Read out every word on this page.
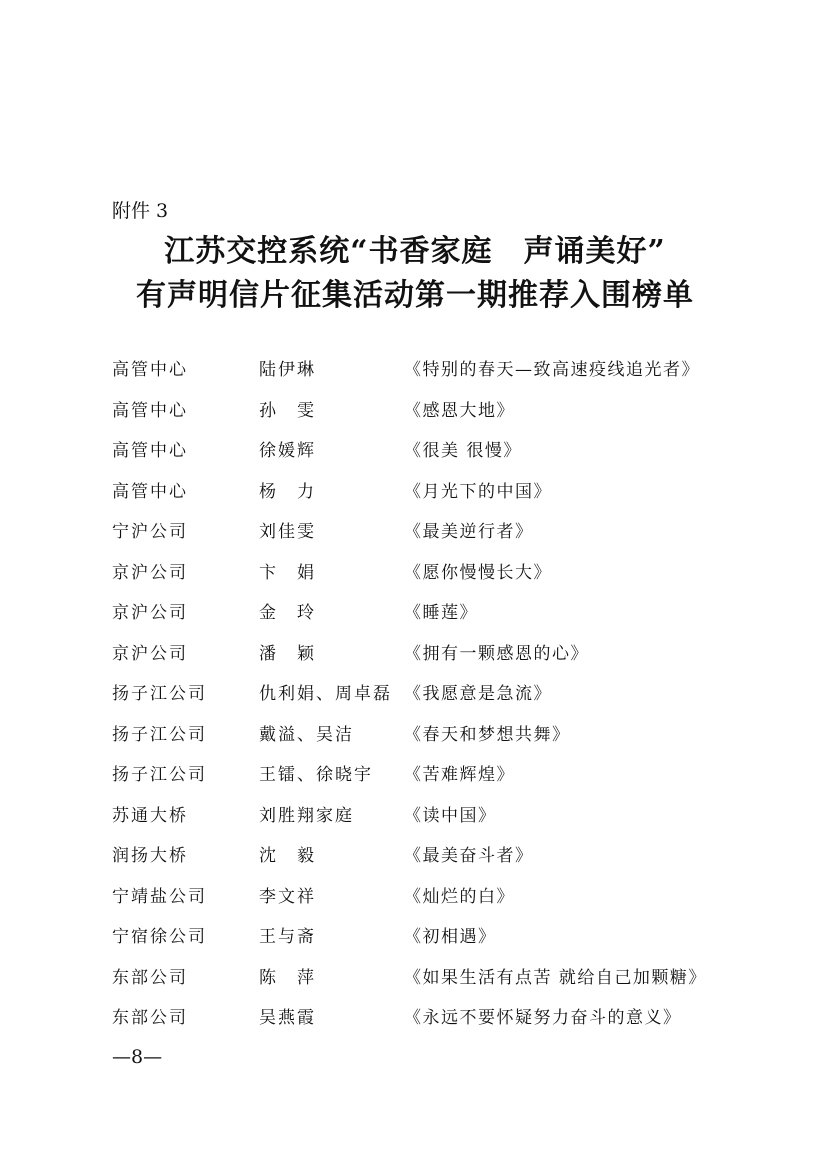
附件 3
江苏交控系统“书香家庭　声诵美好”
有声明信片征集活动第一期推荐入围榜单
高管中心	陆伊琳	《特别的春天—致高速疫线追光者》
高管中心	孙　雯	《感恩大地》
高管中心	徐媛辉	《很美 很慢》
高管中心	杨　力	《月光下的中国》
宁沪公司	刘佳雯	《最美逆行者》
京沪公司	卞　娟	《愿你慢慢长大》
京沪公司	金　玲	《睡莲》
京沪公司	潘　颖	《拥有一颗感恩的心》
扬子江公司	仇利娟、周卓磊 《我愿意是急流》
扬子江公司	戴溢、吴洁	《春天和梦想共舞》
扬子江公司	王镭、徐晓宇 《苦难辉煌》
苏通大桥	刘胜翔家庭	《读中国》
润扬大桥	沈　毅	《最美奋斗者》
宁靖盐公司	李文祥	《灿烂的白》
宁宿徐公司	王与斋	《初相遇》
东部公司	陈　萍	《如果生活有点苦 就给自己加颗糖》
东部公司	吴燕霞	《永远不要怀疑努力奋斗的意义》
—8—
